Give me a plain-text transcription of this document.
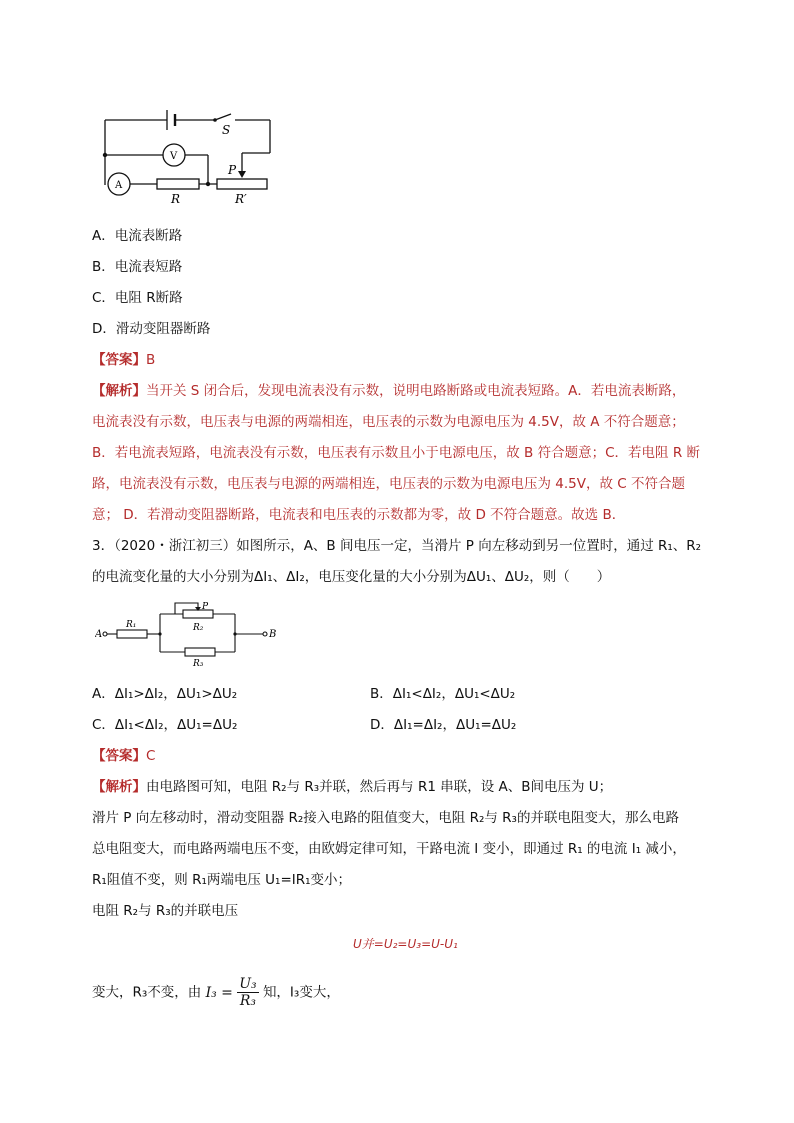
S
V
A
R
P
R′
A．电流表断路
B．电流表短路
C．电阻 R断路
D．滑动变阻器断路
【答案】B
【解析】当开关 S 闭合后，发现电流表没有示数，说明电路断路或电流表短路。A．若电流表断路，
电流表没有示数，电压表与电源的两端相连，电压表的示数为电源电压为 4.5V，故 A 不符合题意；
B．若电流表短路，电流表没有示数，电压表有示数且小于电源电压，故 B 符合题意；C．若电阻 R 断
路，电流表没有示数，电压表与电源的两端相连，电压表的示数为电源电压为 4.5V，故 C 不符合题
意； D．若滑动变阻器断路，电流表和电压表的示数都为零，故 D 不符合题意。故选 B．
3．（2020・浙江初三）如图所示，A、B 间电压一定，当滑片 P 向左移动到另一位置时，通过 R₁、R₂
的电流变化量的大小分别为ΔI₁、ΔI₂，电压变化量的大小分别为ΔU₁、ΔU₂，则（　　）
A	B
R₁	R₂
R₃
P
A．ΔI₁>ΔI₂，ΔU₁>ΔU₂	B．ΔI₁<ΔI₂，ΔU₁<ΔU₂
C．ΔI₁<ΔI₂，ΔU₁=ΔU₂	D．ΔI₁=ΔI₂，ΔU₁=ΔU₂
【答案】C
【解析】由电路图可知，电阻 R₂与 R₃并联，然后再与 R1 串联，设 A、B间电压为 U；
滑片 P 向左移动时，滑动变阻器 R₂接入电路的阻值变大，电阻 R₂与 R₃的并联电阻变大，那么电路
总电阻变大，而电路两端电压不变，由欧姆定律可知，干路电流 I 变小，即通过 R₁ 的电流 I₁ 减小，
R₁阻值不变，则 R₁两端电压 U₁=IR₁变小；
电阻 R₂与 R₃的并联电压
U并=U₂=U₃=U-U₁
变大，R₃不变，由 $I_3 = \frac{\text{U₃}}{\text{R₃}}$ 知，I₃变大，
